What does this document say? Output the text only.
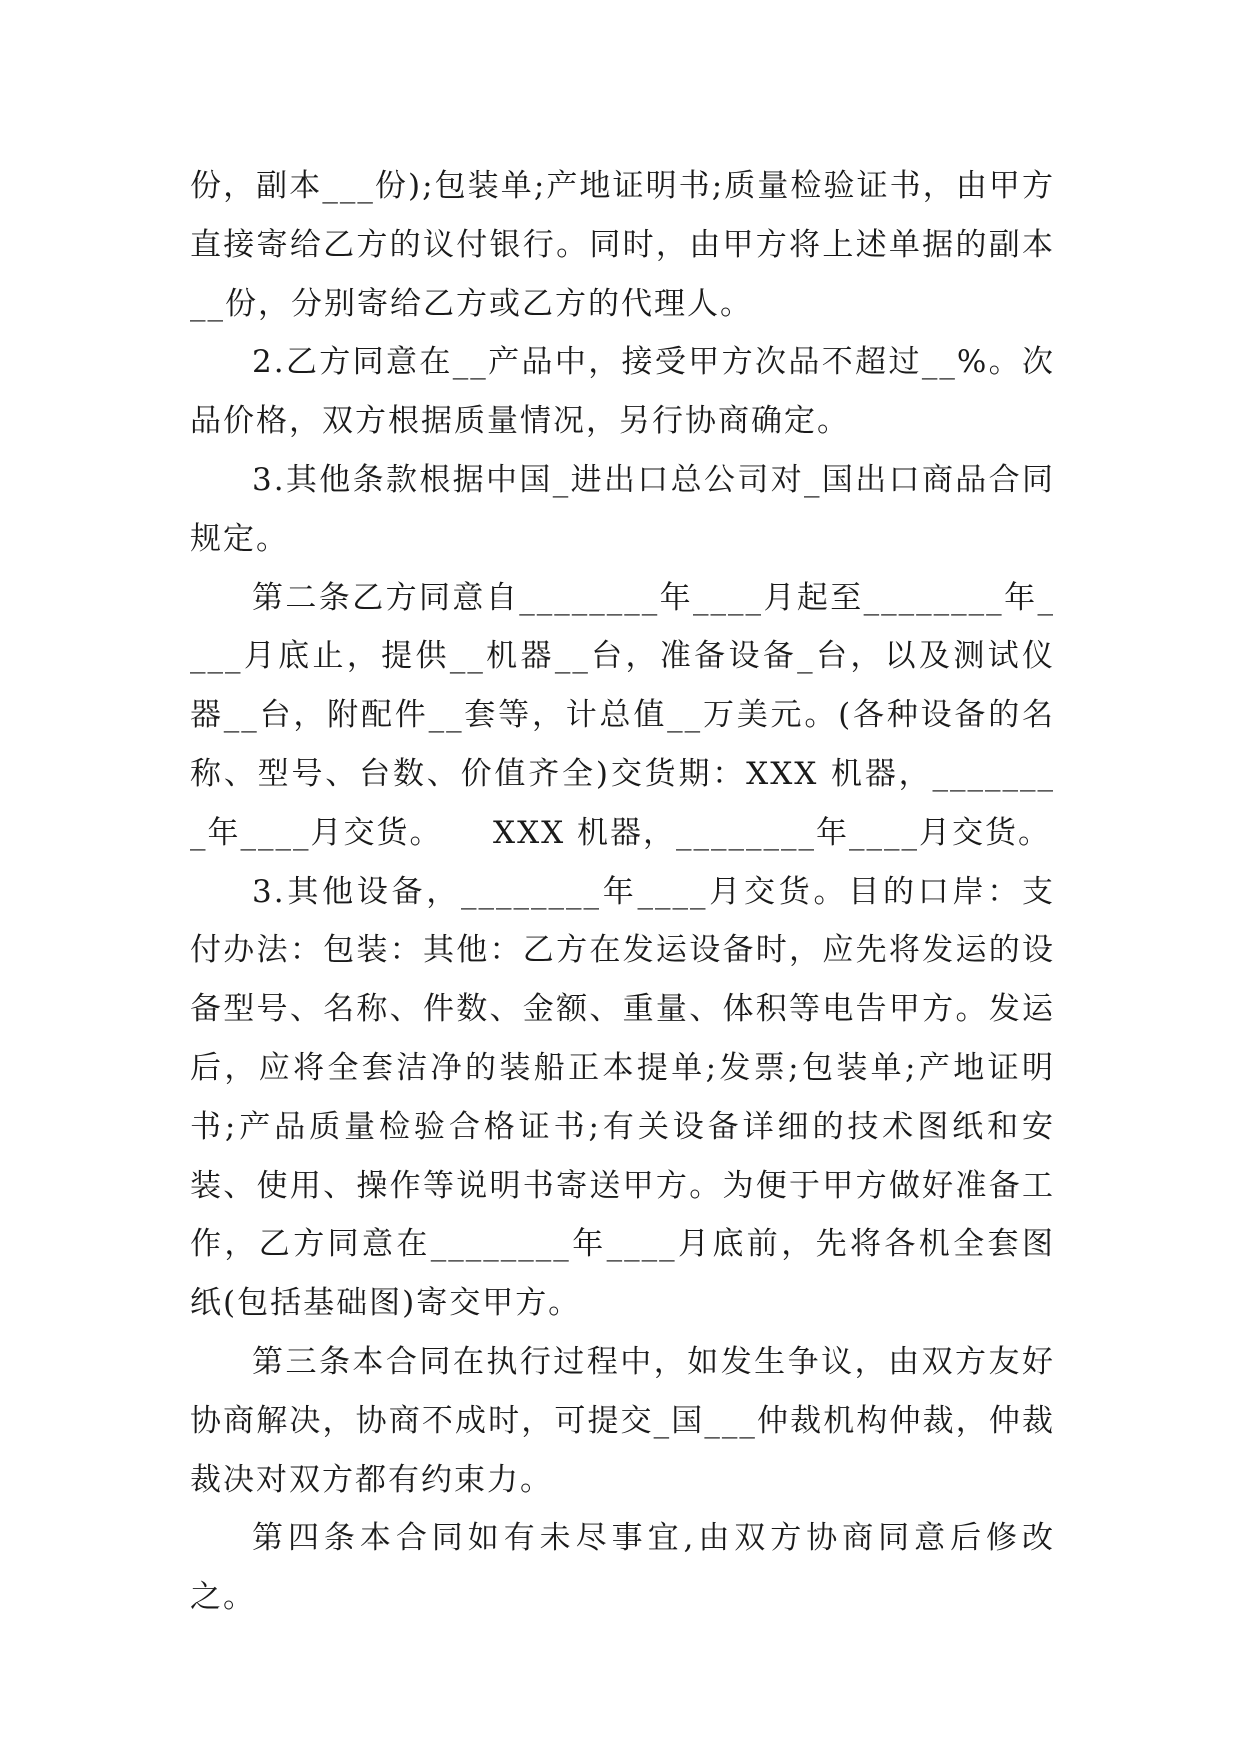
份，副本___份);包装单;产地证明书;质量检验证书，由甲方直接寄给乙方的议付银行。同时，由甲方将上述单据的副本__份，分别寄给乙方或乙方的代理人。

2.乙方同意在__产品中，接受甲方次品不超过__%。次品价格，双方根据质量情况，另行协商确定。

3.其他条款根据中国_进出口总公司对_国出口商品合同规定。

第二条乙方同意自________年____月起至________年____月底止，提供__机器__台，准备设备_台，以及测试仪器__台，附配件__套等，计总值__万美元。(各种设备的名称、型号、台数、价值齐全)交货期：XXX 机器，________年____月交货。　　XXX 机器，________年____月交货。

3.其他设备，________年____月交货。目的口岸：支付办法：包装：其他：乙方在发运设备时，应先将发运的设备型号、名称、件数、金额、重量、体积等电告甲方。发运后，应将全套洁净的装船正本提单;发票;包装单;产地证明书;产品质量检验合格证书;有关设备详细的技术图纸和安装、使用、操作等说明书寄送甲方。为便于甲方做好准备工作，乙方同意在________年____月底前，先将各机全套图纸(包括基础图)寄交甲方。

第三条本合同在执行过程中，如发生争议，由双方友好协商解决，协商不成时，可提交_国___仲裁机构仲裁，仲裁裁决对双方都有约束力。

第四条本合同如有未尽事宜,由双方协商同意后修改之。
